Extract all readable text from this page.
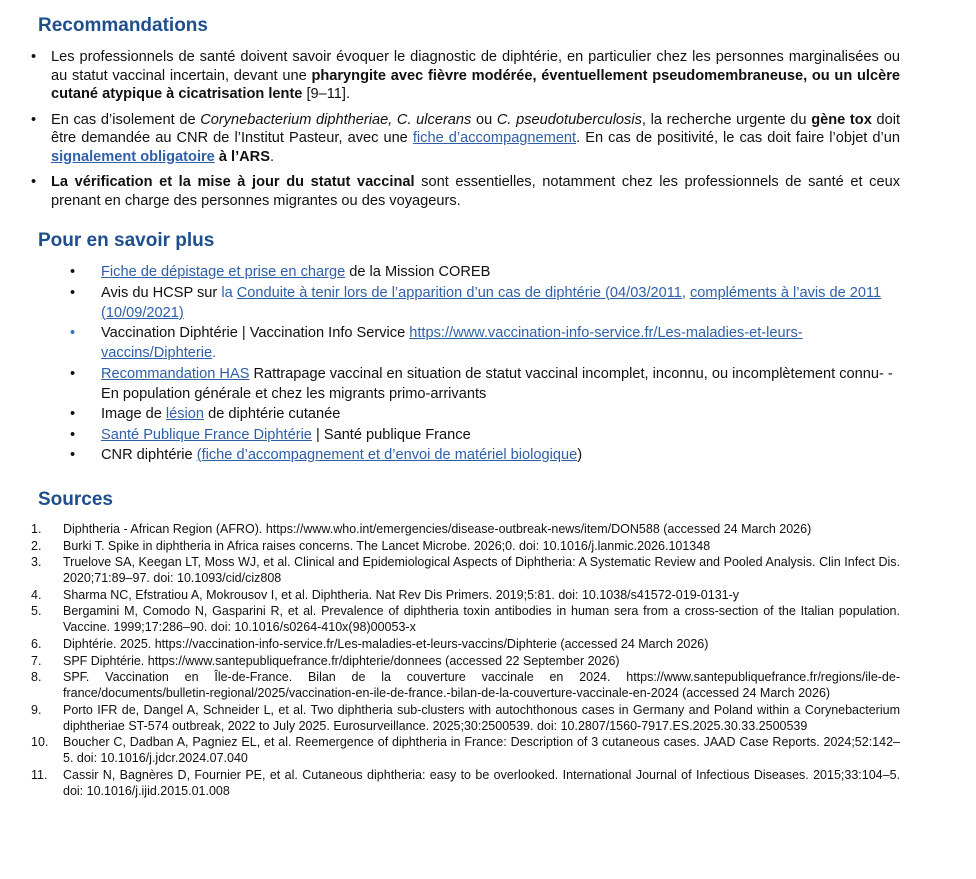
Recommandations
• Les professionnels de santé doivent savoir évoquer le diagnostic de diphtérie, en particulier chez les personnes marginalisées ou au statut vaccinal incertain, devant une pharyngite avec fièvre modérée, éventuellement pseudomembraneuse, ou un ulcère cutané atypique à cicatrisation lente [9–11].
• En cas d’isolement de Corynebacterium diphtheriae, C. ulcerans ou C. pseudotuberculosis, la recherche urgente du gène tox doit être demandée au CNR de l’Institut Pasteur, avec une fiche d’accompagnement. En cas de positivité, le cas doit faire l’objet d’un signalement obligatoire à l’ARS.
• La vérification et la mise à jour du statut vaccinal sont essentielles, notamment chez les professionnels de santé et ceux prenant en charge des personnes migrantes ou des voyageurs.
Pour en savoir plus
• Fiche de dépistage et prise en charge de la Mission COREB
• Avis du HCSP sur la Conduite à tenir lors de l’apparition d’un cas de diphtérie (04/03/2011, compléments à l’avis de 2011 (10/09/2021)
• Vaccination Diphtérie | Vaccination Info Service https://www.vaccination-info-service.fr/Les-maladies-et-leurs-vaccins/Diphterie.
• Recommandation HAS Rattrapage vaccinal en situation de statut vaccinal incomplet, inconnu, ou incomplètement connu- - En population générale et chez les migrants primo-arrivants
• Image de lésion de diphtérie cutanée
• Santé Publique France Diphtérie | Santé publique France
• CNR diphtérie (fiche d’accompagnement et d’envoi de matériel biologique)
Sources
1. Diphtheria - African Region (AFRO). https://www.who.int/emergencies/disease-outbreak-news/item/DON588 (accessed 24 March 2026)
2. Burki T. Spike in diphtheria in Africa raises concerns. The Lancet Microbe. 2026;0. doi: 10.1016/j.lanmic.2026.101348
3. Truelove SA, Keegan LT, Moss WJ, et al. Clinical and Epidemiological Aspects of Diphtheria: A Systematic Review and Pooled Analysis. Clin Infect Dis. 2020;71:89–97. doi: 10.1093/cid/ciz808
4. Sharma NC, Efstratiou A, Mokrousov I, et al. Diphtheria. Nat Rev Dis Primers. 2019;5:81. doi: 10.1038/s41572-019-0131-y
5. Bergamini M, Comodo N, Gasparini R, et al. Prevalence of diphtheria toxin antibodies in human sera from a cross-section of the Italian population. Vaccine. 1999;17:286–90. doi: 10.1016/s0264-410x(98)00053-x
6. Diphtérie. 2025. https://vaccination-info-service.fr/Les-maladies-et-leurs-vaccins/Diphterie (accessed 24 March 2026)
7. SPF Diphtérie. https://www.santepubliquefrance.fr/diphterie/donnees (accessed 22 September 2026)
8. SPF. Vaccination en Île-de-France. Bilan de la couverture vaccinale en 2024. https://www.santepubliquefrance.fr/regions/ile-de-france/documents/bulletin-regional/2025/vaccination-en-ile-de-france.-bilan-de-la-couverture-vaccinale-en-2024 (accessed 24 March 2026)
9. Porto IFR de, Dangel A, Schneider L, et al. Two diphtheria sub-clusters with autochthonous cases in Germany and Poland within a Corynebacterium diphtheriae ST-574 outbreak, 2022 to July 2025. Eurosurveillance. 2025;30:2500539. doi: 10.2807/1560-7917.ES.2025.30.33.2500539
10. Boucher C, Dadban A, Pagniez EL, et al. Reemergence of diphtheria in France: Description of 3 cutaneous cases. JAAD Case Reports. 2024;52:142–5. doi: 10.1016/j.jdcr.2024.07.040
11. Cassir N, Bagnères D, Fournier PE, et al. Cutaneous diphtheria: easy to be overlooked. International Journal of Infectious Diseases. 2015;33:104–5. doi: 10.1016/j.ijid.2015.01.008
